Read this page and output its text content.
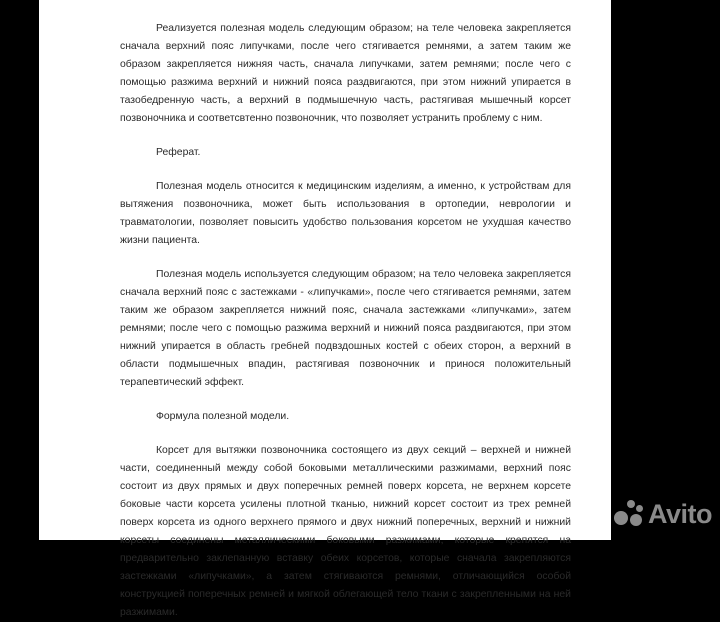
Реализуется полезная модель следующим образом; на теле человека закрепляется сначала верхний пояс липучками, после чего стягивается ремнями, а затем таким же образом закрепляется нижняя часть, сначала липучками, затем ремнями; после чего с помощью разжима верхний и нижний пояса раздвигаются, при этом нижний упирается в тазобедренную часть, а верхний в подмышечную часть, растягивая мышечный корсет позвоночника и соответсвтенно позвоночник, что позволяет устранить проблему с ним.

Реферат.

Полезная модель относится к медицинским изделиям, а именно, к устройствам для вытяжения позвоночника, может быть использования в ортопедии, неврологии и травматологии, позволяет повысить удобство пользования корсетом не ухудшая качество жизни пациента.

Полезная модель используется следующим образом; на тело человека закрепляется сначала верхний пояс с застежками - «липучками», после чего стягивается ремнями, затем таким же образом закрепляется нижний пояс, сначала застежками «липучками», затем ремнями; после чего с помощью разжима верхний и нижний пояса раздвигаются, при этом нижний упирается в область гребней подвздошных костей с обеих сторон, а верхний в области подмышечных впадин, растягивая позвоночник и принося положительный терапевтический эффект.

Формула полезной модели.

Корсет для вытяжки позвоночника состоящего из двух секций – верхней и нижней части, соединенный между собой боковыми металлическими разжимами, верхний пояс состоит из двух прямых и двух поперечных ремней поверх корсета, не верхнем корсете боковые части корсета усилены плотной тканью, нижний корсет состоит из трех ремней поверх корсета из одного верхнего прямого и двух нижний поперечных, верхний и нижний корсеты соединены металлическими боковыми разжимами, которые крепятся на предварительно заклепанную вставку обеих корсетов, которые сначала закрепляются застежками «липучками», а затем стягиваются ремнями, отличающийся особой конструкцией поперечных ремней и мягкой облегающей тело ткани с закрепленными на ней разжимами.

Avito
